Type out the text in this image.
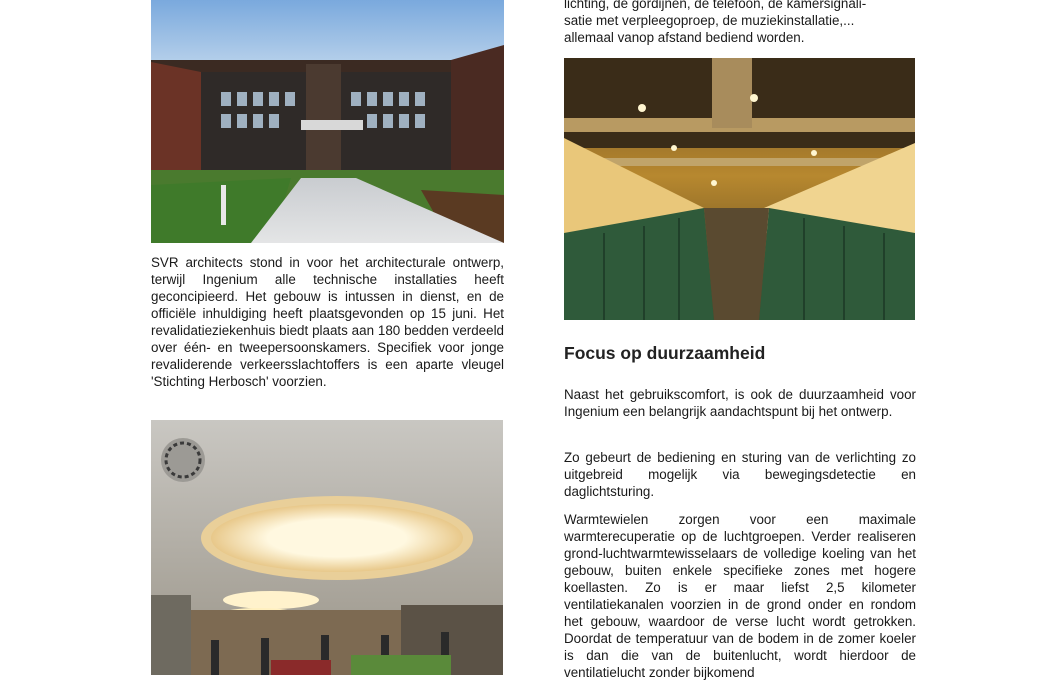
SVR architects stond in voor het architecturale ontwerp, terwijl Ingenium alle technische installaties heeft geconcipieerd. Het gebouw is intussen in dienst, en de officiële inhuldiging heeft plaatsgevonden op 15 juni. Het revalidatieziekenhuis biedt plaats aan 180 bedden verdeeld over één- en tweepersoonskamers. Specifiek voor jonge revaliderende verkeersslachtoffers is een aparte vleugel 'Stichting Herbosch' voorzien.

lichting, de gordijnen, de telefoon, de kamersignali-
satie met verpleegoproep, de muziekinstallatie,...
allemaal vanop afstand bediend worden.
Focus op duurzaamheid

Naast het gebruikscomfort, is ook de duurzaamheid voor Ingenium een belangrijk aandachtspunt bij het ontwerp.

Zo gebeurt de bediening en sturing van de verlichting zo uitgebreid mogelijk via bewegingsdetectie en daglichtsturing.

Warmtewielen zorgen voor een maximale warmterecuperatie op de luchtgroepen. Verder realiseren grond-luchtwarmtewisselaars de volledige koeling van het gebouw, buiten enkele specifieke zones met hogere koellasten. Zo is er maar liefst 2,5 kilometer ventilatiekanalen voorzien in de grond onder en rondom het gebouw, waardoor de verse lucht wordt getrokken. Doordat de temperatuur van de bodem in de zomer koeler is dan die van de buitenlucht, wordt hierdoor de ventilatielucht zonder bijkomend
